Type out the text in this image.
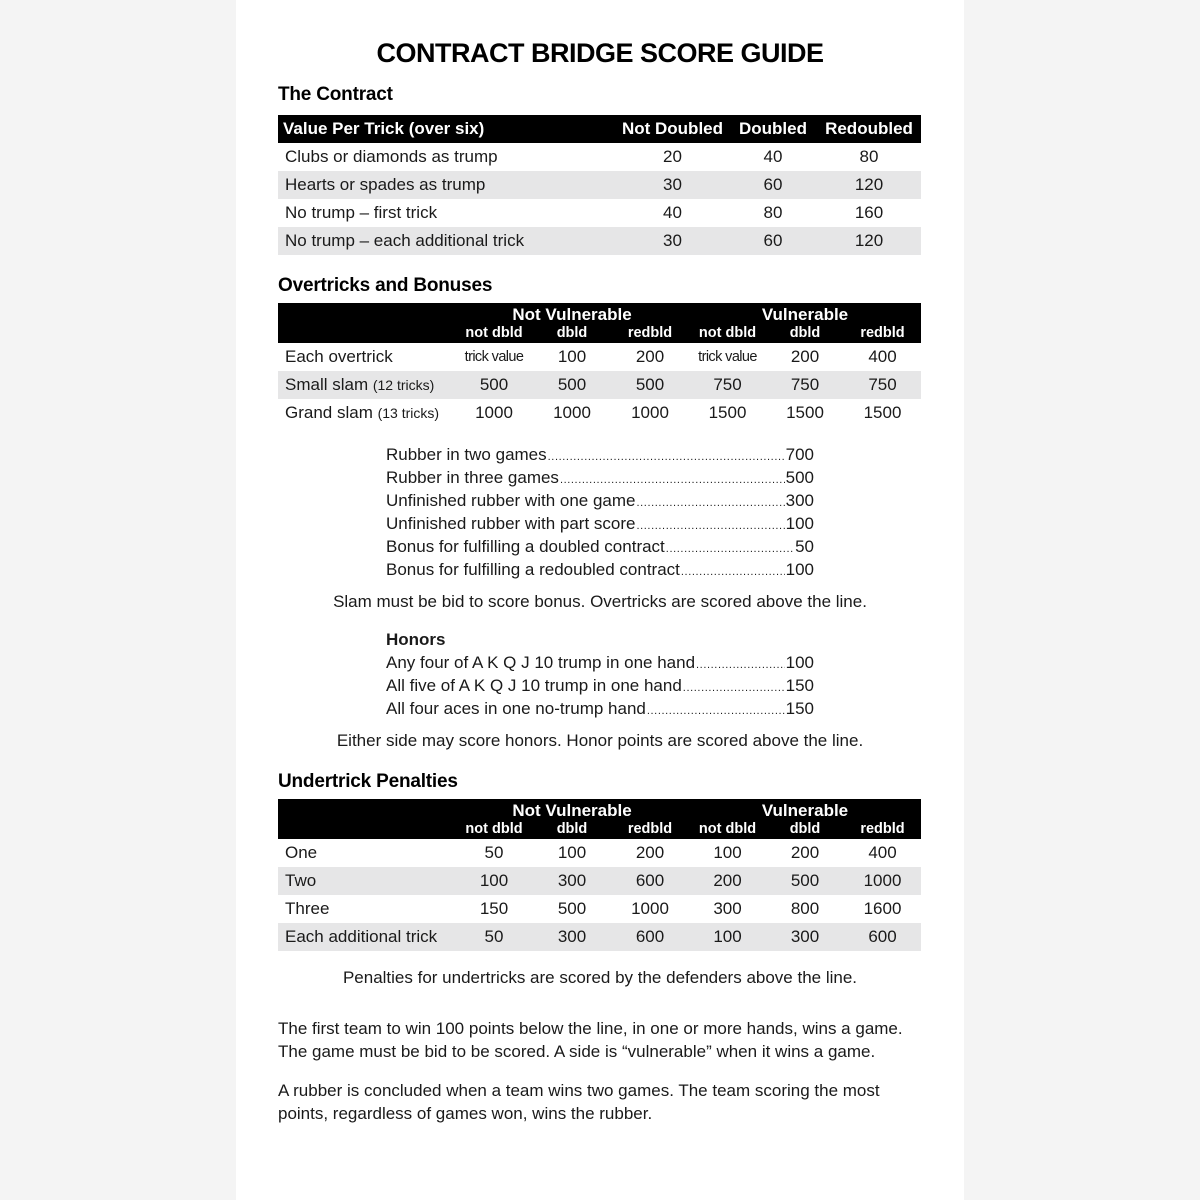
CONTRACT BRIDGE SCORE GUIDE
The Contract
Value Per Trick (over six)	Not Doubled	Doubled	Redoubled
Clubs or diamonds as trump	20	40	80
Hearts or spades as trump	30	60	120
No trump – first trick	40	80	160
No trump – each additional trick	30	60	120
Overtricks and Bonuses
	Not Vulnerable			Vulnerable		
	not dbld	dbld	redbld	not dbld	dbld	redbld
Each overtrick	trick value	100	200	trick value	200	400
Small slam (12 tricks)	500	500	500	750	750	750
Grand slam (13 tricks)	1000	1000	1000	1500	1500	1500
Rubber in two games .....	700
Rubber in three games .....	500
Unfinished rubber with one game .....	300
Unfinished rubber with part score .....	100
Bonus for fulfilling a doubled contract .....	50
Bonus for fulfilling a redoubled contract .....	100
Slam must be bid to score bonus. Overtricks are scored above the line.
Honors
Any four of A K Q J 10 trump in one hand .....	100
All five of A K Q J 10 trump in one hand .....	150
All four aces in one no-trump hand .....	150
Either side may score honors. Honor points are scored above the line.
Undertrick Penalties
	Not Vulnerable			Vulnerable		
	not dbld	dbld	redbld	not dbld	dbld	redbld
One	50	100	200	100	200	400
Two	100	300	600	200	500	1000
Three	150	500	1000	300	800	1600
Each additional trick	50	300	600	100	300	600
Penalties for undertricks are scored by the defenders above the line.
The first team to win 100 points below the line, in one or more hands, wins a game. The game must be bid to be scored. A side is “vulnerable” when it wins a game.
A rubber is concluded when a team wins two games. The team scoring the most points, regardless of games won, wins the rubber.
